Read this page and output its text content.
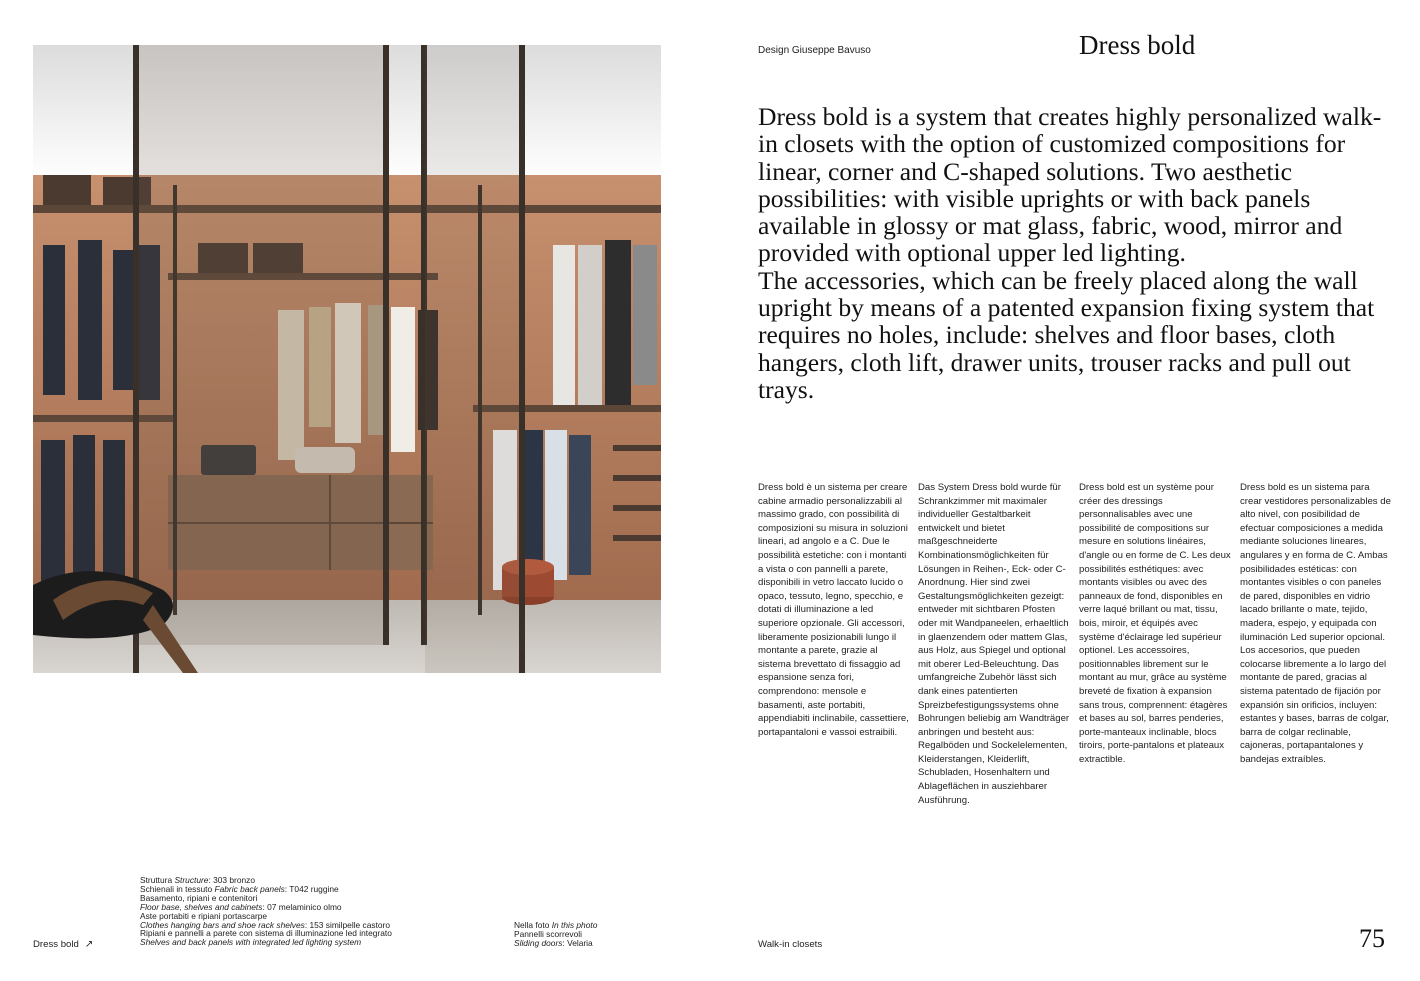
Design Giuseppe Bavuso	Dress bold

Dress bold is a system that creates highly personalized walk-in closets with the option of customized compositions for linear, corner and C-shaped solutions. Two aesthetic possibilities: with visible uprights or with back panels available in glossy or mat glass, fabric, wood, mirror and provided with optional upper led lighting.

The accessories, which can be freely placed along the wall upright by means of a patented expansion fixing system that requires no holes, include: shelves and floor bases, cloth hangers, cloth lift, drawer units, trouser racks and pull out trays.

Dress bold è un sistema per creare cabine armadio personalizzabili al massimo grado, con possibilità di composizioni su misura in soluzioni lineari, ad angolo e a C. Due le possibilità estetiche: con i montanti a vista o con pannelli a parete, disponibili in vetro laccato lucido o opaco, tessuto, legno, specchio, e dotati di illuminazione a led superiore opzionale. Gli accessori, liberamente posizionabili lungo il montante a parete, grazie al sistema brevettato di fissaggio ad espansione senza fori, comprendono: mensole e basamenti, aste portabiti, appendiabiti inclinabile, cassettiere, portapantaloni e vassoi estraibili.

Das System Dress bold wurde für Schrankzimmer mit maximaler individueller Gestaltbarkeit entwickelt und bietet maßgeschneiderte Kombinationsmöglichkeiten für Lösungen in Reihen-, Eck- oder C-Anordnung. Hier sind zwei Gestaltungsmöglichkeiten gezeigt: entweder mit sichtbaren Pfosten oder mit Wandpaneelen, erhaeltlich in glaenzendem oder mattem Glas, aus Holz, aus Spiegel und optional mit oberer Led-Beleuchtung. Das umfangreiche Zubehör lässt sich dank eines patentierten Spreizbefestigungssystems ohne Bohrungen beliebig am Wandträger anbringen und besteht aus: Regalböden und Sockelelementen, Kleiderstangen, Kleiderlift, Schubladen, Hosenhaltern und Ablageflächen in ausziehbarer Ausführung.

Dress bold est un système pour créer des dressings personnalisables avec une possibilité de compositions sur mesure en solutions linéaires, d'angle ou en forme de C. Les deux possibilités esthétiques: avec montants visibles ou avec des panneaux de fond, disponibles en verre laqué brillant ou mat, tissu, bois, miroir, et équipés avec système d'éclairage led supérieur optionel. Les accessoires, positionnables librement sur le montant au mur, grâce au système breveté de fixation à expansion sans trous, comprennent: étagères et bases au sol, barres penderies, porte-manteaux inclinable, blocs tiroirs, porte-pantalons et plateaux extractible.

Dress bold es un sistema para crear vestidores personalizables de alto nivel, con posibilidad de efectuar composiciones a medida mediante soluciones lineares, angulares y en forma de C. Ambas posibilidades estéticas: con montantes visibles o con paneles de pared, disponibles en vidrio lacado brillante o mate, tejido, madera, espejo, y equipada con iluminación Led superior opcional. Los accesorios, que pueden colocarse libremente a lo largo del montante de pared, gracias al sistema patentado de fijación por expansión sin orificios, incluyen: estantes y bases, barras de colgar, barra de colgar reclinable, cajoneras, portapantalones y bandejas extraíbles.

Struttura Structure: 303 bronzo
Schienali in tessuto Fabric back panels: T042 ruggine
Basamento, ripiani e contenitori
Floor base, shelves and cabinets: 07 melaminico olmo
Aste portabiti e ripiani portascarpe
Clothes hanging bars and shoe rack shelves: 153 similpelle castoro
Ripiani e pannelli a parete con sistema di illuminazione led integrato
Shelves and back panels with integrated led lighting system
Nella foto In this photo
Pannelli scorrevoli
Sliding doors: Velaria
Dress bold ↗	Walk-in closets	75
